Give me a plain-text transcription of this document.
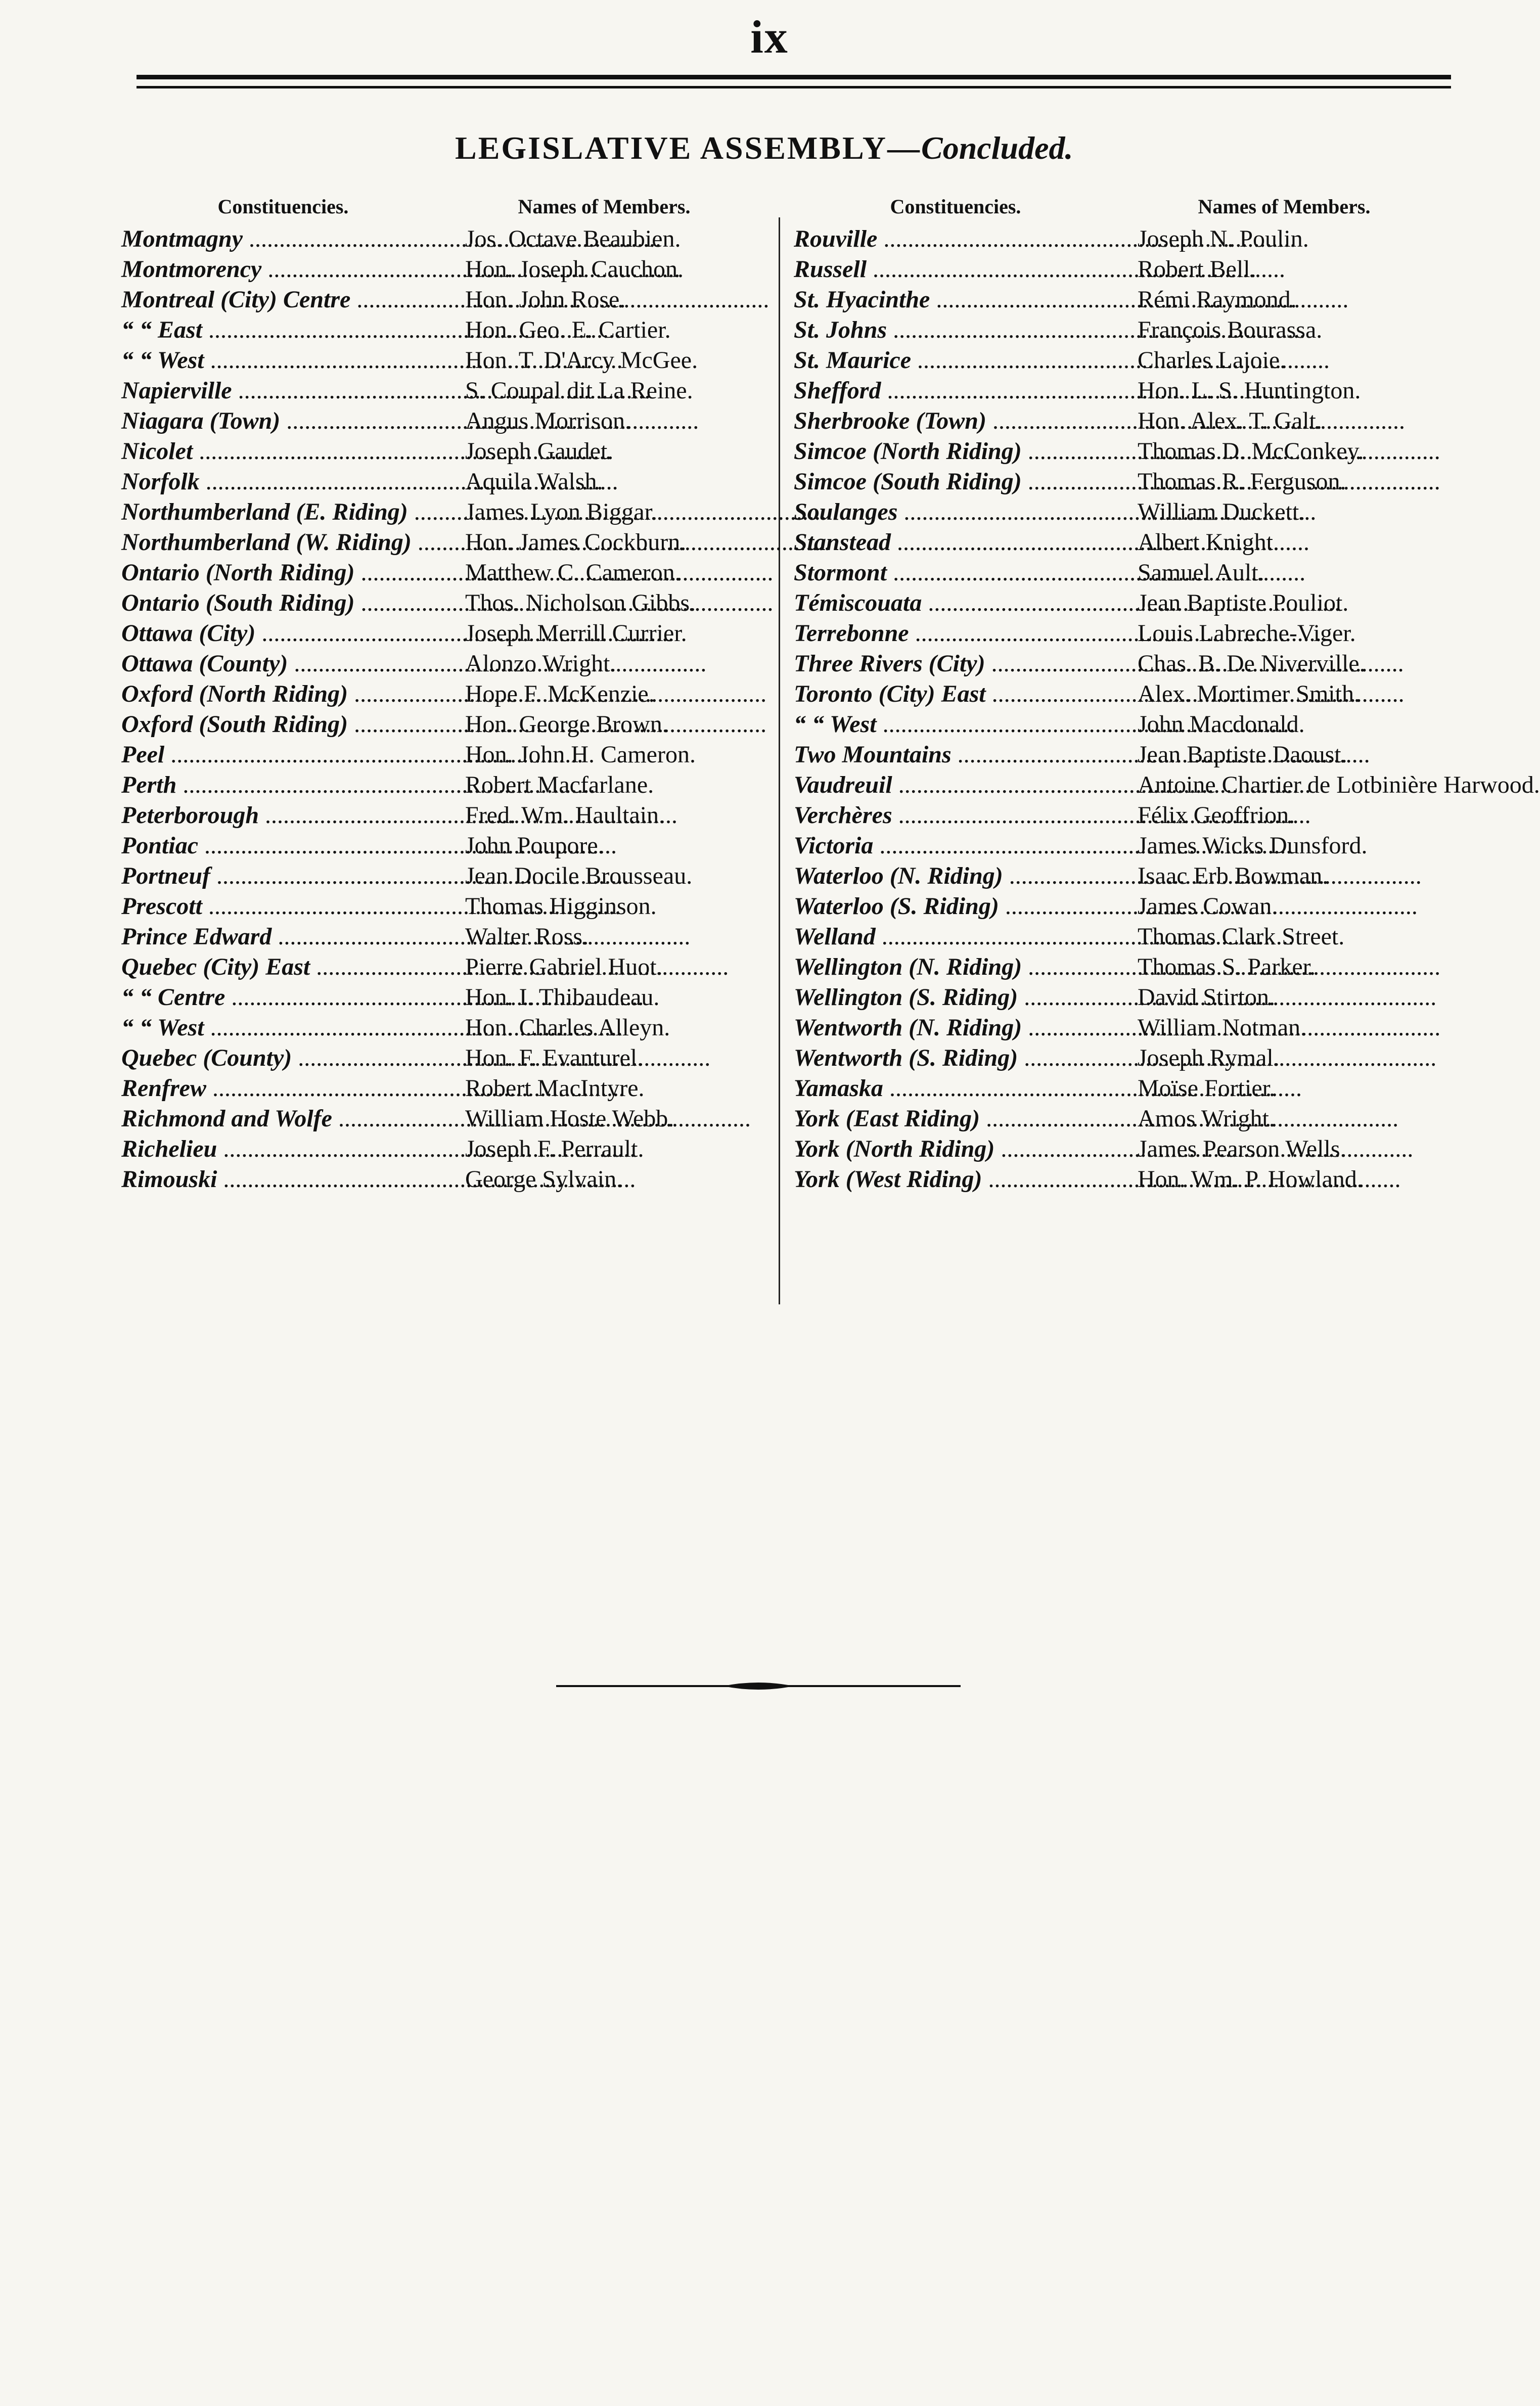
ix
LEGISLATIVE ASSEMBLY—Concluded.
Constituencies.	Names of Members.
Montmagny .....	Jos. Octave Beaubien.
Montmorency .....	Hon. Joseph Cauchon.
Montreal (City) Centre .....	Hon. John Rose.
“ “ East .....	Hon. Geo. E. Cartier.
“ “ West .....	Hon. T. D'Arcy McGee.
Napierville .....	S. Coupal dit La Reine.
Niagara (Town) .....	Angus Morrison.
Nicolet .....	Joseph Gaudet.
Norfolk .....	Aquila Walsh.
Northumberland (E. Riding) .....	James Lyon Biggar.
Northumberland (W. Riding) .....	Hon. James Cockburn.
Ontario (North Riding) .....	Matthew C. Cameron.
Ontario (South Riding) .....	Thos. Nicholson Gibbs.
Ottawa (City) .....	Joseph Merrill Currier.
Ottawa (County) .....	Alonzo Wright.
Oxford (North Riding) .....	Hope F. McKenzie.
Oxford (South Riding) .....	Hon. George Brown.
Peel .....	Hon. John H. Cameron.
Perth .....	Robert Macfarlane.
Peterborough .....	Fred. Wm. Haultain.
Pontiac .....	John Poupore.
Portneuf .....	Jean Docile Brousseau.
Prescott .....	Thomas Higginson.
Prince Edward .....	Walter Ross.
Quebec (City) East .....	Pierre Gabriel Huot.
“ “ Centre .....	Hon. I. Thibaudeau.
“ “ West .....	Hon. Charles Alleyn.
Quebec (County) .....	Hon. F. Evanturel.
Renfrew .....	Robert MacIntyre.
Richmond and Wolfe .....	William Hoste Webb.
Richelieu .....	Joseph F. Perrault.
Rimouski .....	George Sylvain.
Constituencies.	Names of Members.
Rouville .....	Joseph N. Poulin.
Russell .....	Robert Bell.
St. Hyacinthe .....	Rémi Raymond.
St. Johns .....	François Bourassa.
St. Maurice .....	Charles Lajoie.
Shefford .....	Hon. L. S. Huntington.
Sherbrooke (Town) .....	Hon. Alex. T. Galt.
Simcoe (North Riding) .....	Thomas D. McConkey.
Simcoe (South Riding) .....	Thomas R. Ferguson.
Soulanges .....	William Duckett.
Stanstead .....	Albert Knight.
Stormont .....	Samuel Ault.
Témiscouata .....	Jean Baptiste Pouliot.
Terrebonne .....	Louis Labreche-Viger.
Three Rivers (City) .....	Chas. B. De Niverville.
Toronto (City) East .....	Alex. Mortimer Smith.
“ “ West .....	John Macdonald.
Two Mountains .....	Jean Baptiste Daoust.
Vaudreuil .....	Antoine Chartier de Lotbinière Harwood.
Verchères .....	Félix Geoffrion.
Victoria .....	James Wicks Dunsford.
Waterloo (N. Riding) .....	Isaac Erb Bowman.
Waterloo (S. Riding) .....	James Cowan.
Welland .....	Thomas Clark Street.
Wellington (N. Riding) .....	Thomas S. Parker.
Wellington (S. Riding) .....	David Stirton.
Wentworth (N. Riding) .....	William Notman.
Wentworth (S. Riding) .....	Joseph Rymal.
Yamaska .....	Moïse Fortier.
York (East Riding) .....	Amos Wright.
York (North Riding) .....	James Pearson Wells.
York (West Riding) .....	Hon. Wm. P. Howland.
